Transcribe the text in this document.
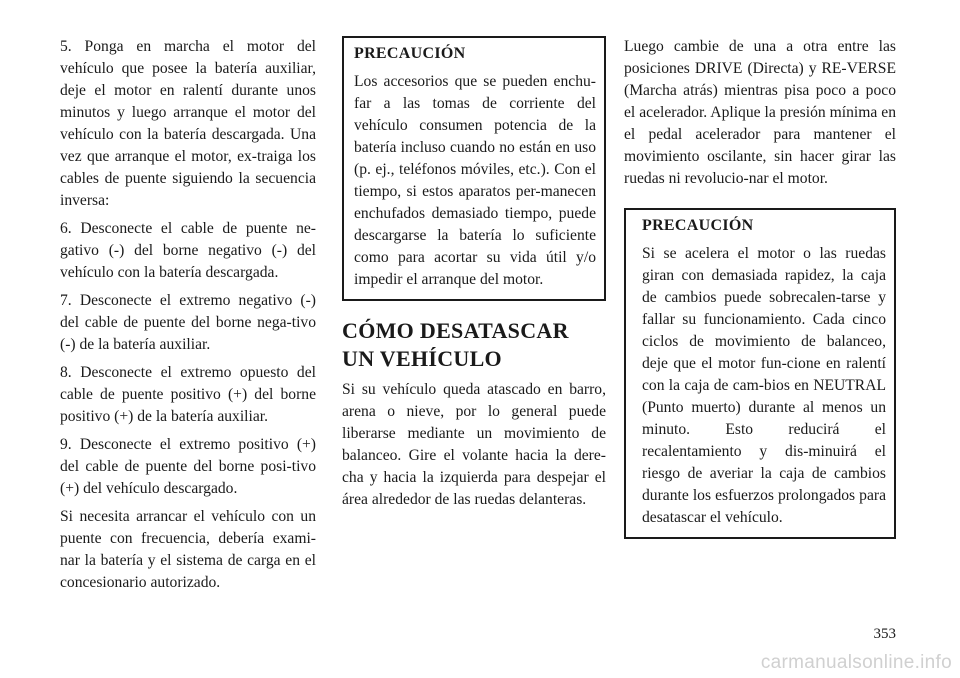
5. Ponga en marcha el motor del vehículo que posee la batería auxiliar, deje el motor en ralentí durante unos minutos y luego arranque el motor del vehículo con la batería descargada. Una vez que arranque el motor, ex-traiga los cables de puente siguiendo la secuencia inversa:

6. Desconecte el cable de puente ne-gativo (-) del borne negativo (-) del vehículo con la batería descargada.

7. Desconecte el extremo negativo (-) del cable de puente del borne nega-tivo (-) de la batería auxiliar.

8. Desconecte el extremo opuesto del cable de puente positivo (+) del borne positivo (+) de la batería auxiliar.

9. Desconecte el extremo positivo (+) del cable de puente del borne posi-tivo (+) del vehículo descargado.

Si necesita arrancar el vehículo con un puente con frecuencia, debería exami-nar la batería y el sistema de carga en el concesionario autorizado.

PRECAUCIÓN

Los accesorios que se pueden enchu-far a las tomas de corriente del vehículo consumen potencia de la batería incluso cuando no están en uso (p. ej., teléfonos móviles, etc.). Con el tiempo, si estos aparatos per-manecen enchufados demasiado tiempo, puede descargarse la batería lo suficiente como para acortar su vida útil y/o impedir el arranque del motor.

CÓMO DESATASCAR UN VEHÍCULO

Si su vehículo queda atascado en barro, arena o nieve, por lo general puede liberarse mediante un movimiento de balanceo. Gire el volante hacia la dere-cha y hacia la izquierda para despejar el área alrededor de las ruedas delanteras.

Luego cambie de una a otra entre las posiciones DRIVE (Directa) y RE-VERSE (Marcha atrás) mientras pisa poco a poco el acelerador. Aplique la presión mínima en el pedal acelerador para mantener el movimiento oscilante, sin hacer girar las ruedas ni revolucio-nar el motor.

PRECAUCIÓN

Si se acelera el motor o las ruedas giran con demasiada rapidez, la caja de cambios puede sobrecalen-tarse y fallar su funcionamiento. Cada cinco ciclos de movimiento de balanceo, deje que el motor fun-cione en ralentí con la caja de cam-bios en NEUTRAL (Punto muerto) durante al menos un minuto. Esto reducirá el recalentamiento y dis-minuirá el riesgo de averiar la caja de cambios durante los esfuerzos prolongados para desatascar el vehículo.

353
carmanualsonline.info
